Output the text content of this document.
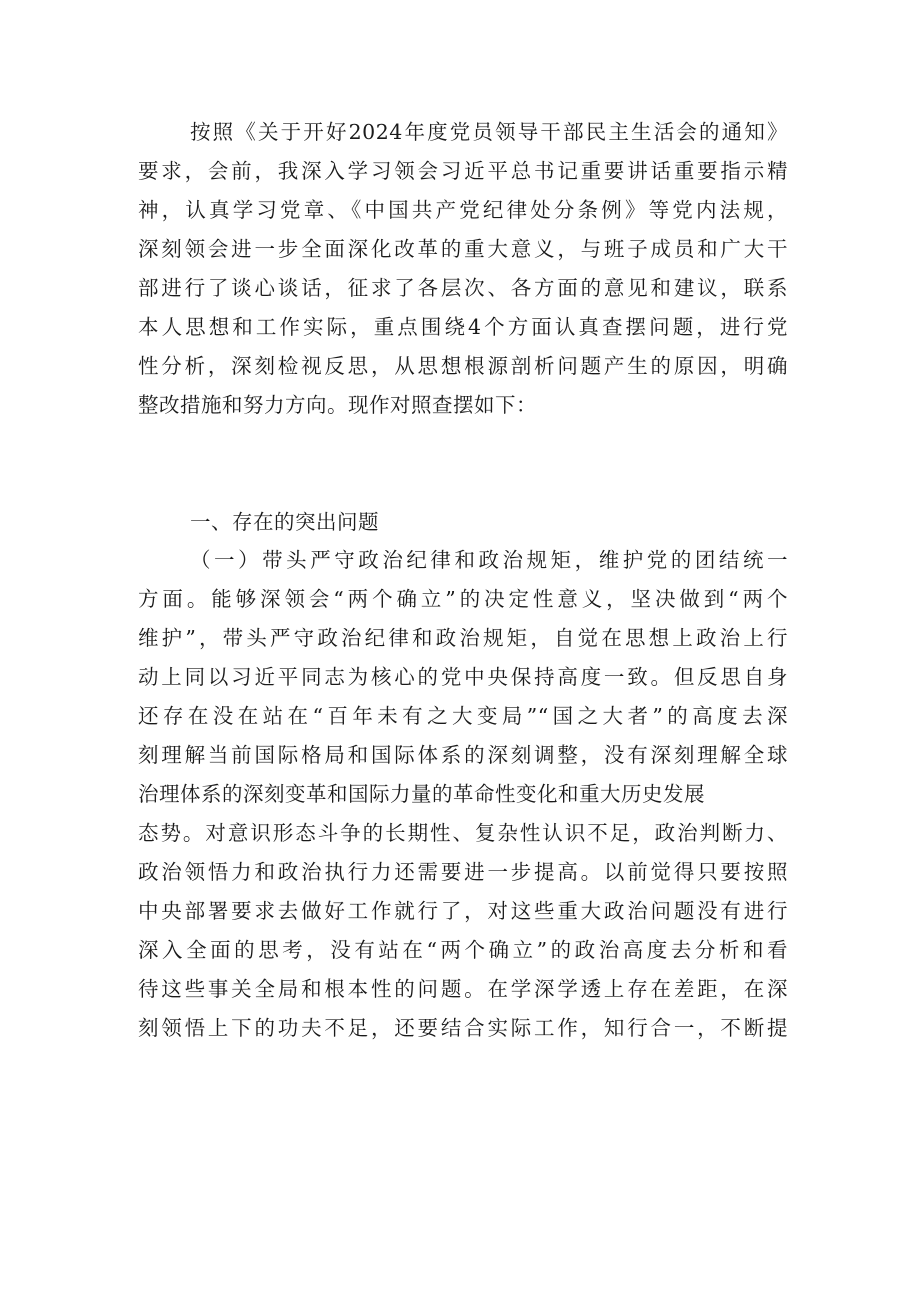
按照《关于开好2024年度党员领导干部民主生活会的通知》
要求，会前，我深入学习领会习近平总书记重要讲话重要指示精
神，认真学习党章、《中国共产党纪律处分条例》等党内法规，
深刻领会进一步全面深化改革的重大意义，与班子成员和广大干
部进行了谈心谈话，征求了各层次、各方面的意见和建议，联系
本人思想和工作实际，重点围绕4个方面认真查摆问题，进行党
性分析，深刻检视反思，从思想根源剖析问题产生的原因，明确
整改措施和努力方向。现作对照查摆如下：
一、存在的突出问题
（一）带头严守政治纪律和政治规矩，维护党的团结统一
方面。能够深领会“两个确立”的决定性意义，坚决做到“两个
维护”，带头严守政治纪律和政治规矩，自觉在思想上政治上行
动上同以习近平同志为核心的党中央保持高度一致。但反思自身
还存在没在站在“百年未有之大变局”“国之大者”的高度去深
刻理解当前国际格局和国际体系的深刻调整，没有深刻理解全球
治理体系的深刻变革和国际力量的革命性变化和重大历史发展
态势。对意识形态斗争的长期性、复杂性认识不足，政治判断力、
政治领悟力和政治执行力还需要进一步提高。以前觉得只要按照
中央部署要求去做好工作就行了，对这些重大政治问题没有进行
深入全面的思考，没有站在“两个确立”的政治高度去分析和看
待这些事关全局和根本性的问题。在学深学透上存在差距，在深
刻领悟上下的功夫不足，还要结合实际工作，知行合一，不断提
